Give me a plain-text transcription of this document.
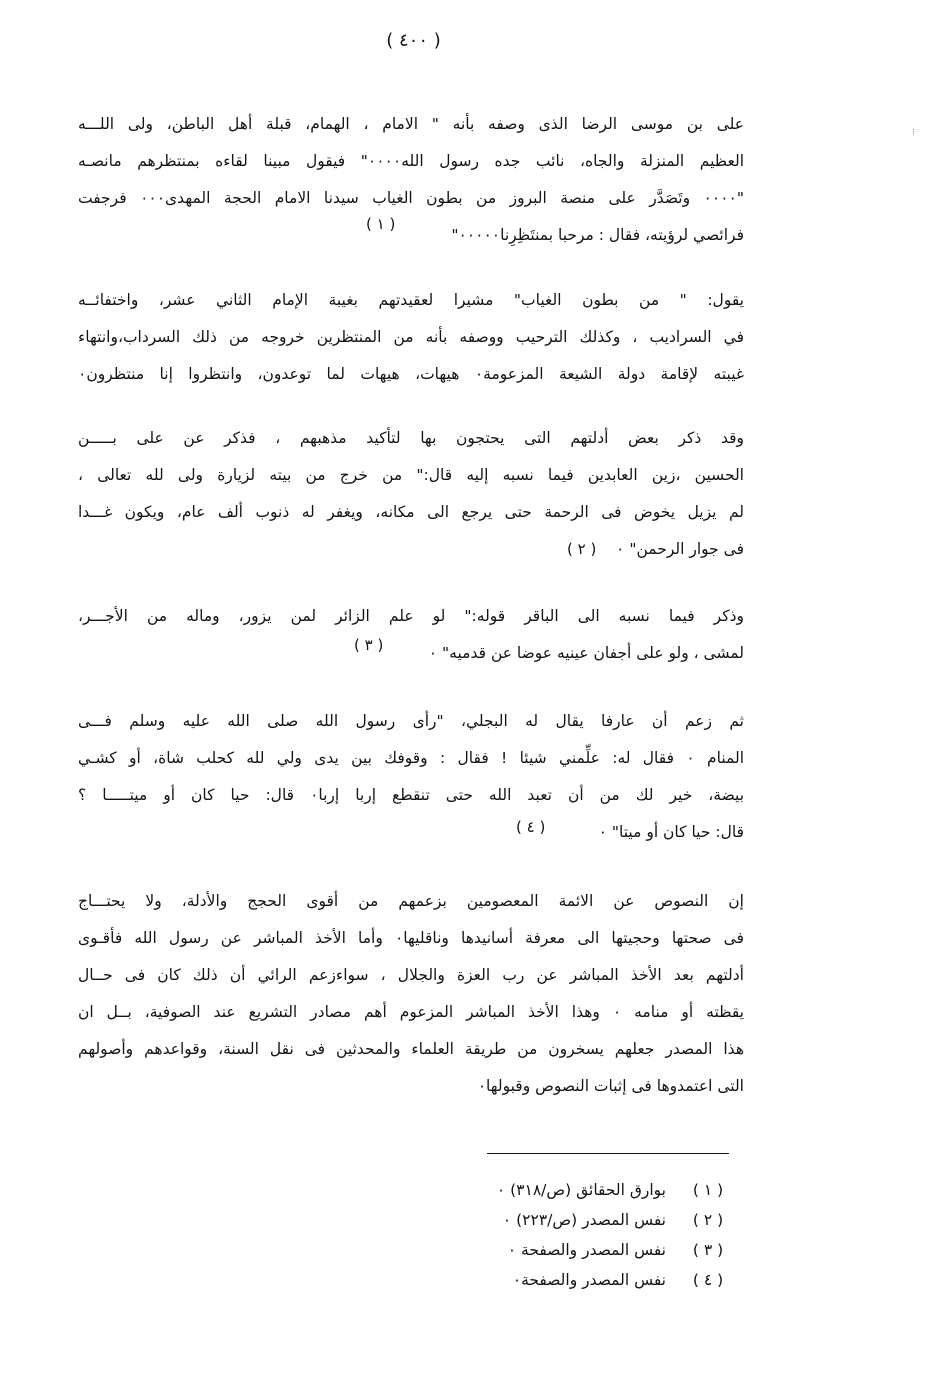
( ٤٠٠ )
⁝
على بن موسى الرضا الذى وصفه بأنه " الامام ، الهمام، قبلة أهل الباطن، ولى اللـــه
العظيم المنزلة والجاه، نائب جده رسول الله٠٠٠٠" فيقول مبينا لقاءه بمنتظرهم مانصـه
"٠٠٠٠ وتَصَدَّر على منصة البروز من بطون الغياب سيدنا الامام الحجة المهدى٠٠٠ فرجفت
فرائصي لرؤيته، فقال : مرحبا بمنتَظِرِنا٠٠٠٠٠"
( ١ )
يقول: " من بطون الغياب" مشيرا لعقيدتهم بغيبة الإمام الثاني عشر، واختفائــه
في السراديب ، وكذلك الترحيب ووصفه بأنه من المنتظرين خروجه من ذلك السرداب،وانتهاء
غيبته لإقامة دولة الشيعة المزعومة٠ هيهات، هيهات لما توعدون، وانتظروا إنا منتظرون٠
وقد ذكر بعض أدلتهم التى يحتجون بها لتأكيد مذهبهم ، فذكر عن على بـــــن
الحسين ،زين العابدين فيما نسبه إليه قال:" من خرج من بيته لزيارة ولى لله تعالى ،
لم يزيل يخوض فى الرحمة حتى يرجع الى مكانه، ويغفر له ذنوب ألف عام، ويكون غـــدا
فى جوار الرحمن" ٠
( ٢ )
وذكر فيما نسبه الى الباقر قوله:" لو علم الزائر لمن يزور، وماله من الأجـــر،
لمشى ، ولو على أجفان عينيه عوضا عن قدميه" ٠
( ٣ )
ثم زعم أن عارفا يقال له البجلي، "رأى رسول الله صلى الله عليه وسلم فـــى
المنام ٠ فقال له: علِّمني شيئا ! فقال : وقوفك بين يدى ولي لله كحلب شاة، أو كشـي
بيضة، خير لك من أن تعبد الله حتى تنقطع إربا إربا٠ قال: حيا كان أو ميتـــــا ؟
قال: حيا كان أو ميتا" ٠
( ٤ )
إن النصوص عن الائمة المعصومين بزعمهم من أقوى الحجج والأدلة، ولا يحتـــاج
فى صحتها وحجيتها الى معرفة أسانيدها وناقليها٠ وأما الأخذ المباشر عن رسول الله فأقـوى
أدلتهم بعد الأخذ المباشر عن رب العزة والجلال ، سواءزعم الرائي أن ذلك كان فى حــال
يقظته أو منامه ٠ وهذا الأخذ المباشر المزعوم أهم مصادر التشريع عند الصوفية، بــل ان
هذا المصدر جعلهم يسخرون من طريقة العلماء والمحدثين فى نقل السنة، وقواعدهم وأصولهم
التى اعتمدوها فى إثبات النصوص وقبولها٠
( ١ )
بوارق الحقائق (ص/٣١٨) ٠
( ٢ )
نفس المصدر (ص/٢٢٣) ٠
( ٣ )
نفس المصدر والصفحة ٠
( ٤ )
نفس المصدر والصفحة٠
